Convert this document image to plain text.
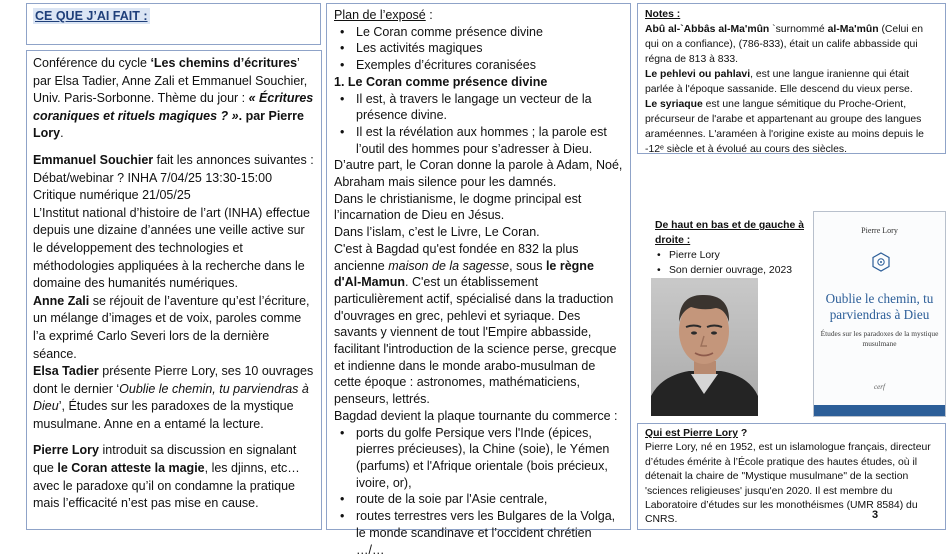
CE QUE J’AI FAIT :

Conférence du cycle ‘Les chemins d’écritures’ par Elsa Tadier, Anne Zali et Emmanuel Souchier, Univ. Paris-Sorbonne. Thème du jour : « Écritures coraniques et rituels magiques ? ». par Pierre Lory.

Emmanuel Souchier fait les annonces suivantes :

Débat/webinar ? INHA 7/04/25 13:30-15:00

Critique numérique 21/05/25

L’Institut national d’histoire de l’art (INHA) effectue depuis une dizaine d’années une veille active sur le développement des technologies et méthodologies appliquées à la recherche dans le domaine des humanités numériques.

Anne Zali se réjouit de l’aventure qu’est l’écriture, un mélange d’images et de voix, paroles comme l’a exprimé Carlo Severi lors de la dernière séance.

Elsa Tadier présente Pierre Lory, ses 10 ouvrages dont le dernier ‘Oublie le chemin, tu parviendras à Dieu’, Études sur les paradoxes de la mystique musulmane. Anne en a entamé la lecture.

Pierre Lory introduit sa discussion en signalant que le Coran atteste la magie, les djinns, etc… avec le paradoxe qu’il on condamne la pratique mais l’efficacité n’est pas mise en cause.

Plan de l’exposé :

• Le Coran comme présence divine
• Les activités magiques
• Exemples d’écritures coranisées

1. Le Coran comme présence divine

• Il est, à travers le langage un vecteur de la présence divine.
• Il est la révélation aux hommes ; la parole est l’outil des hommes pour s’adresser à Dieu.

D’autre part, le Coran donne la parole à Adam, Noé, Abraham mais silence pour les damnés.

Dans le christianisme, le dogme principal est l’incarnation de Dieu en Jésus.

Dans l’islam, c’est le Livre, Le Coran.

C'est à Bagdad qu'est fondée en 832 la plus ancienne maison de la sagesse, sous le règne d'Al-Mamun. C'est un établissement particulièrement actif, spécialisé dans la traduction d'ouvrages en grec, pehlevi et syriaque. Des savants y viennent de tout l'Empire abbasside, facilitant l'introduction de la science perse, grecque et indienne dans le monde arabo-musulman de cette époque : astronomes, mathématiciens, penseurs, lettrés.

Bagdad devient la plaque tournante du commerce :

• ports du golfe Persique vers l'Inde (épices, pierres précieuses), la Chine (soie), le Yémen (parfums) et l'Afrique orientale (bois précieux, ivoire, or),
• route de la soie par l'Asie centrale,
• routes terrestres vers les Bulgares de la Volga, le monde scandinave et l’occident chrétien …/…

Notes :

Abû al-`Abbâs al-Ma'mûn `surnommé al-Ma'mûn (Celui en qui on a confiance), (786-833), était un calife abbasside qui régna de 813 à 833.

Le pehlevi ou pahlavi, est une langue iranienne qui était parlée à l'époque sassanide. Elle descend du vieux perse.

Le syriaque est une langue sémitique du Proche-Orient, précurseur de l'arabe et appartenant au groupe des langues araméennes. L'araméen à l'origine existe au moins depuis le -12ᵉ siècle et à évolué au cours des siècles.

De haut en bas et de gauche à droite :

• Pierre Lory
• Son dernier ouvrage, 2023
Pierre Lory
Oublie le chemin, tu parviendras à Dieu
Études sur les paradoxes de la mystique musulmane
cerf

Qui est Pierre Lory ?

Pierre Lory, né en 1952, est un islamologue français, directeur d’études émérite à l’École pratique des hautes études, où il détenait la chaire de "Mystique musulmane" de la section 'sciences religieuses' jusqu'en 2020. Il est membre du Laboratoire d’études sur les monothéismes (UMR 8584) du CNRS.	3
